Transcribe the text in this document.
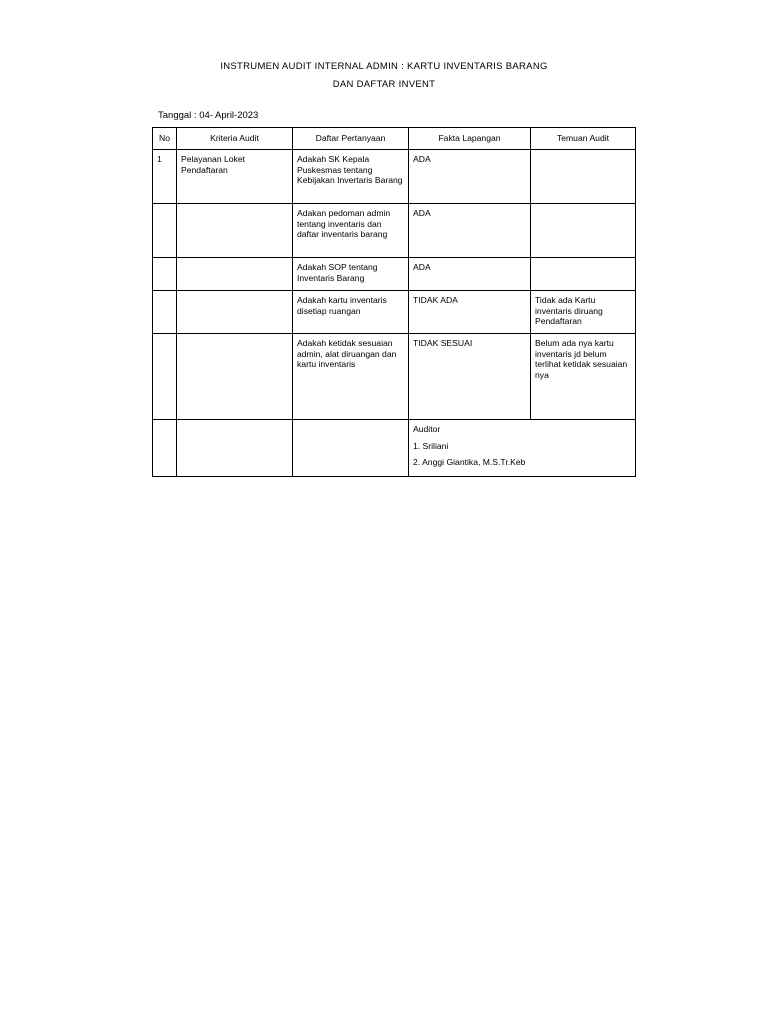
INSTRUMEN AUDIT INTERNAL ADMIN : KARTU INVENTARIS BARANG
DAN DAFTAR INVENT
Tanggal : 04- April-2023
No	Kriteria Audit	Daftar Pertanyaan	Fakta Lapangan	Temuan Audit
1	Pelayanan Loket Pendaftaran	Adakah SK Kepala Puskesmas tentang Kebijakan Invertaris Barang	ADA	
		Adakan pedoman admin tentang inventaris dan daftar inventaris barang	ADA	
		Adakah SOP tentang Inventaris Barang	ADA	
		Adakah kartu inventaris disetiap ruangan	TIDAK ADA	Tidak ada Kartu inventaris diruang Pendaftaran
		Adakah ketidak sesuaian admin, alat diruangan dan kartu inventaris	TIDAK SESUAI	Belum ada nya kartu inventaris jd belum terlihat ketidak sesuaian nya

			Auditor
1. Sriliani
2. Anggi Giantika, M.S.Tr.Keb	
